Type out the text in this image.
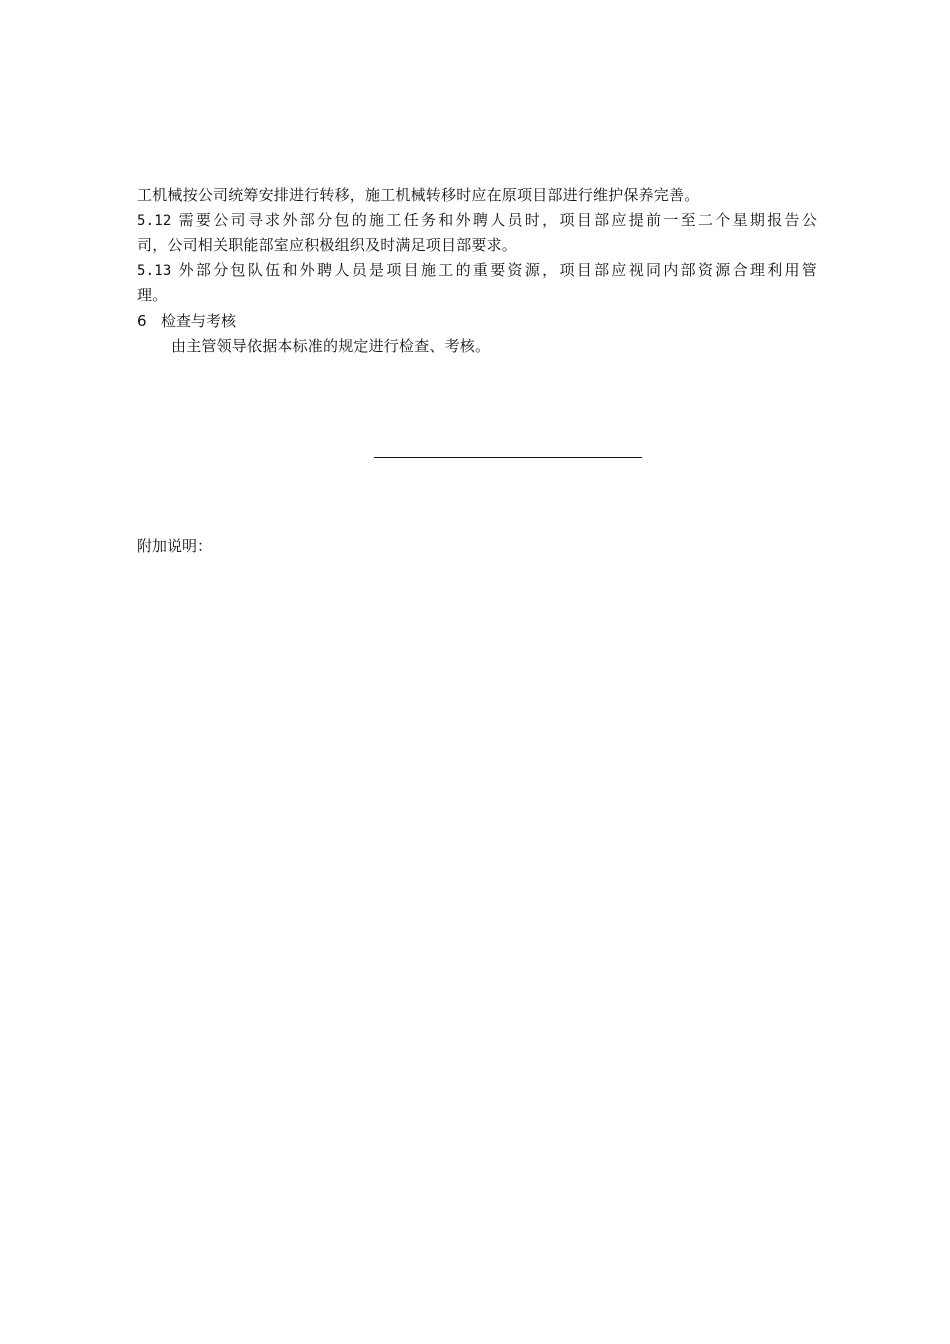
工机械按公司统筹安排进行转移，施工机械转移时应在原项目部进行维护保养完善。
5.12 需要公司寻求外部分包的施工任务和外聘人员时，项目部应提前一至二个星期报告公
司，公司相关职能部室应积极组织及时满足项目部要求。
5.13 外部分包队伍和外聘人员是项目施工的重要资源，项目部应视同内部资源合理利用管
理。
6 检查与考核
由主管领导依据本标准的规定进行检查、考核。
附加说明：
